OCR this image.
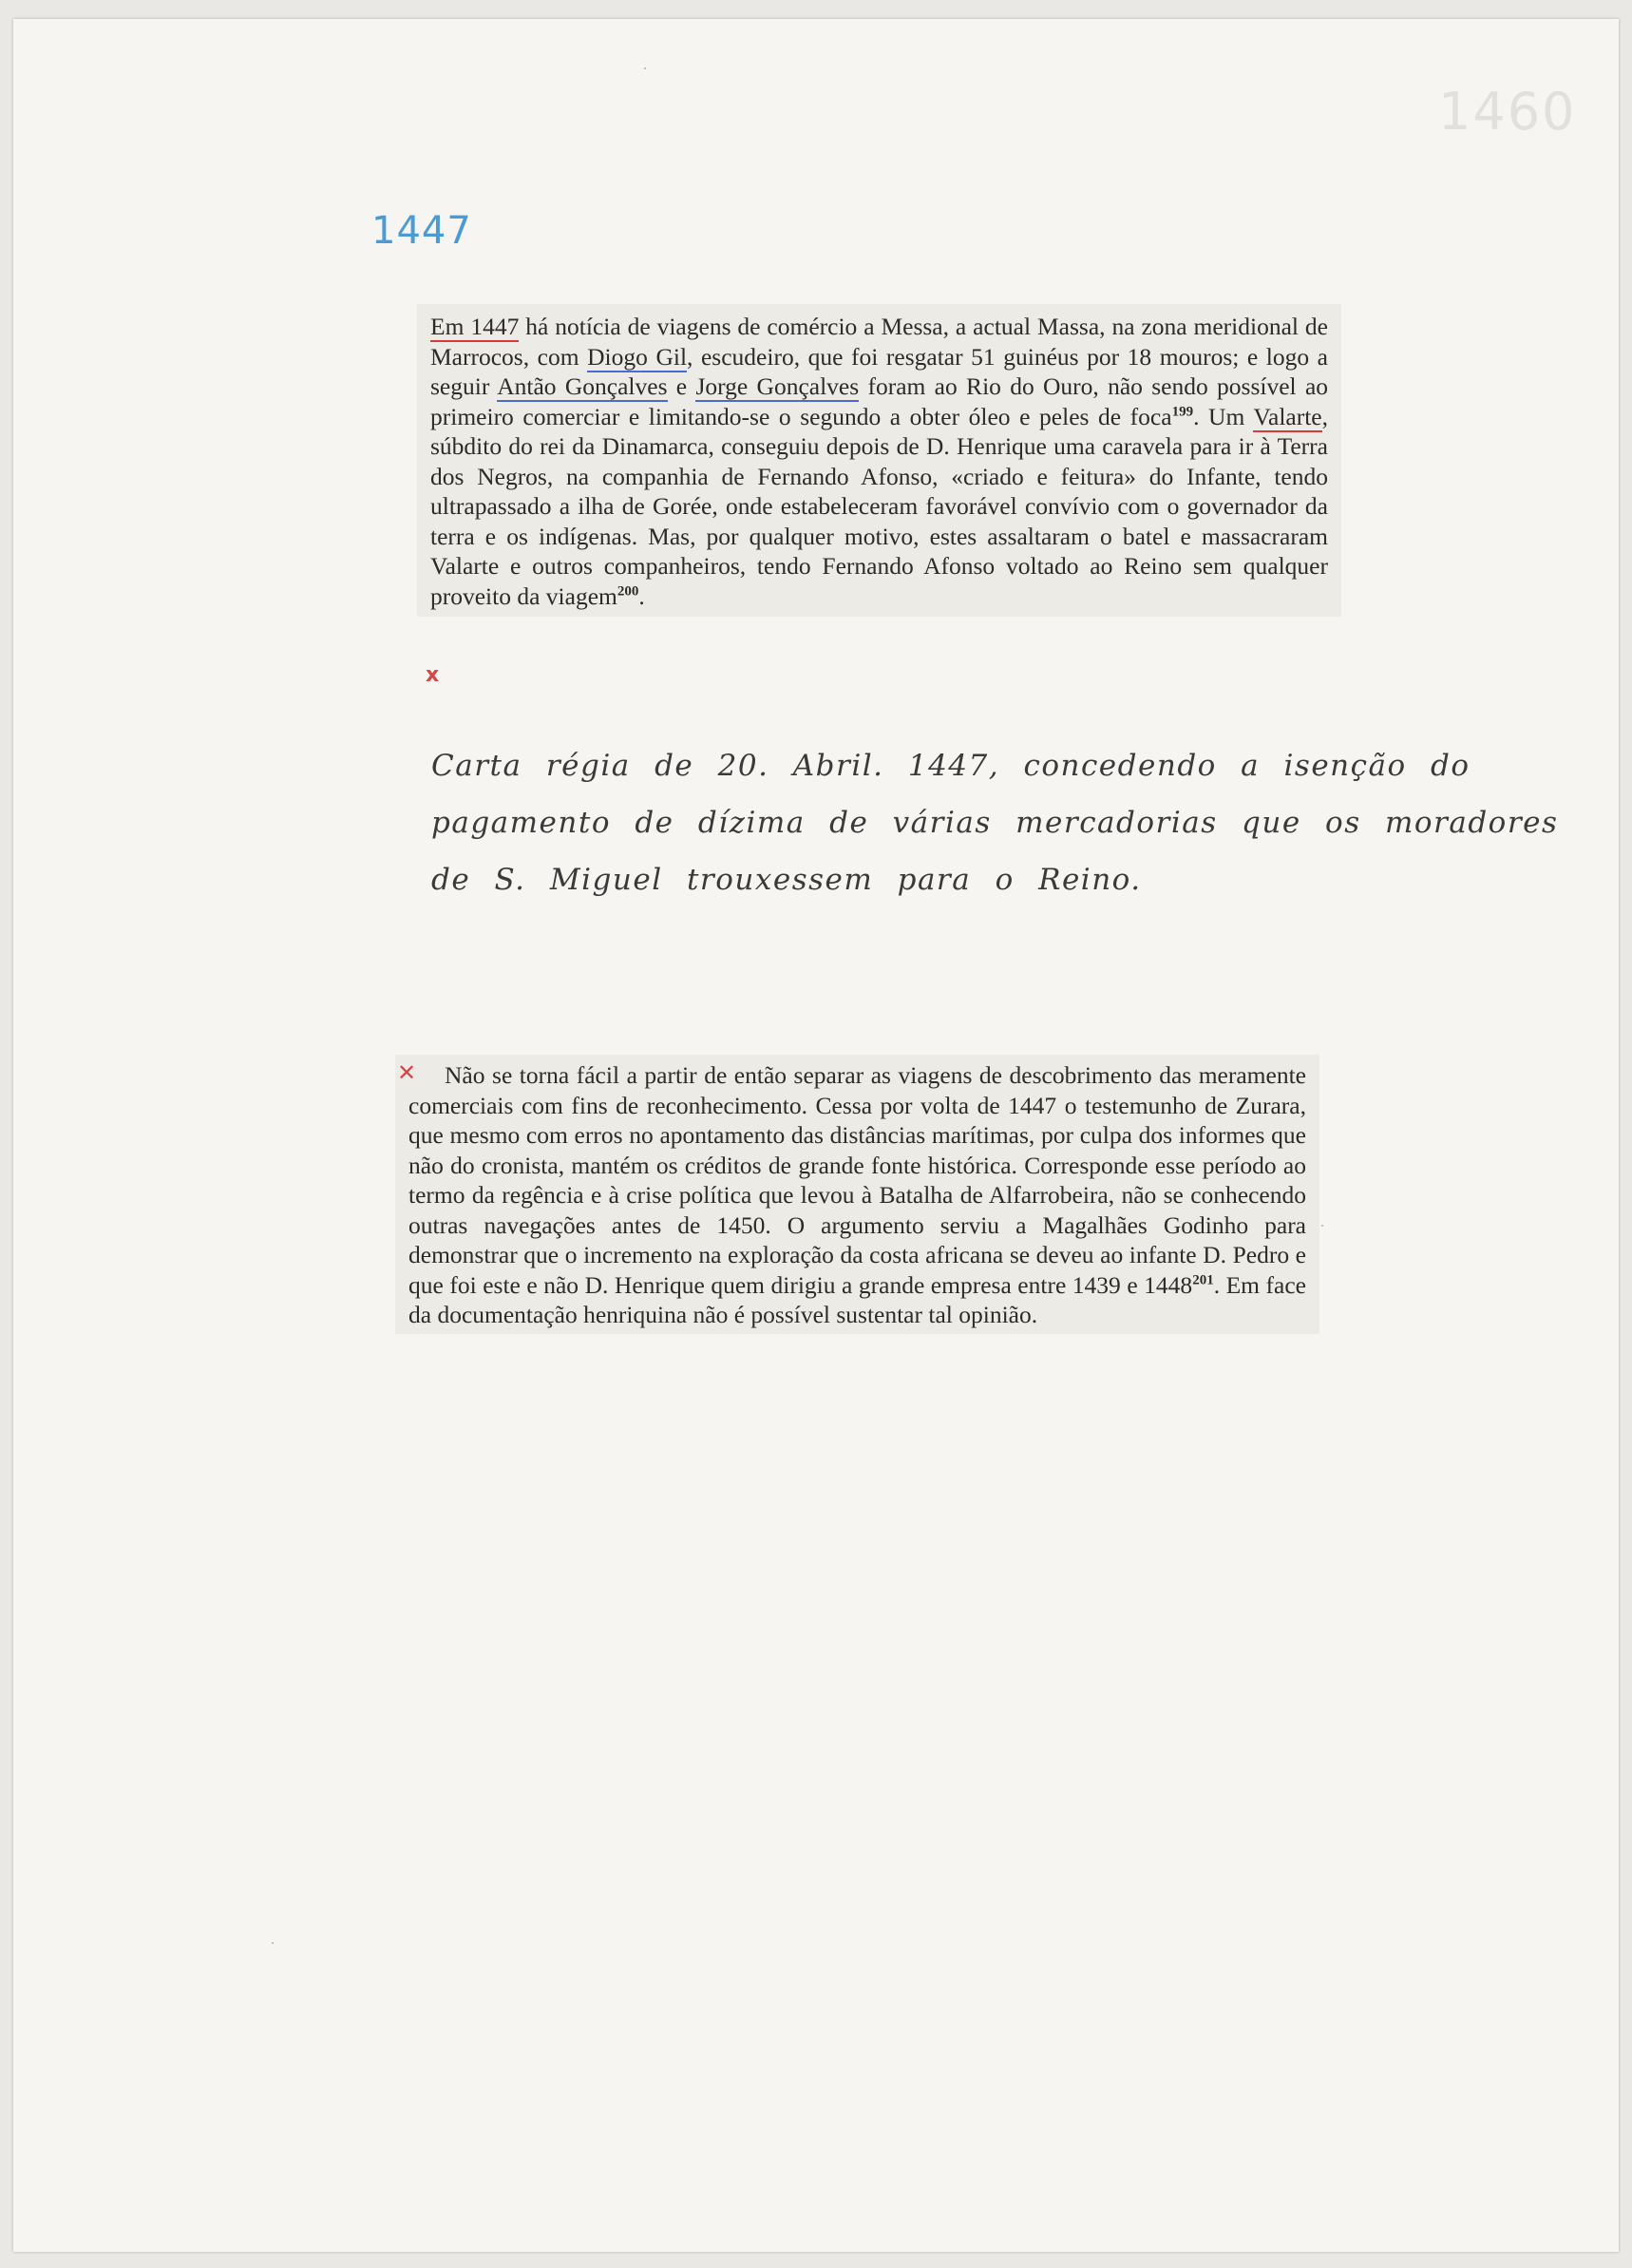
1460
1447

Em 1447 há notícia de viagens de comércio a Messa, a actual Massa, na zona meridional de Marrocos, com Diogo Gil, escudeiro, que foi resgatar 51 guinéus por 18 mouros; e logo a seguir Antão Gonçalves e Jorge Gonçalves foram ao Rio do Ouro, não sendo possível ao primeiro comerciar e limitando-se o segundo a obter óleo e peles de foca$^{199}$. Um Valarte, súbdito do rei da Dinamarca, conseguiu depois de D. Henrique uma caravela para ir à Terra dos Negros, na companhia de Fernando Afonso, «criado e feitura» do Infante, tendo ultrapassado a ilha de Gorée, onde estabeleceram favorável convívio com o governador da terra e os indígenas. Mas, por qualquer motivo, estes assaltaram o batel e massacraram Valarte e outros companheiros, tendo Fernando Afonso voltado ao Reino sem qualquer proveito da viagem$^{200}$.

x
Carta régia de 20. Abril. 1447, concedendo a isenção do
pagamento de dízima de várias mercadorias que os moradores
de S. Miguel trouxessem para o Reino.

Não se torna fácil a partir de então separar as viagens de descobrimento das meramente comerciais com fins de reconhecimento. Cessa por volta de 1447 o testemunho de Zurara, que mesmo com erros no apontamento das distâncias marítimas, por culpa dos informes que não do cronista, mantém os créditos de grande fonte histórica. Corresponde esse período ao termo da regência e à crise política que levou à Batalha de Alfarrobeira, não se conhecendo outras navegações antes de 1450. O argumento serviu a Magalhães Godinho para demonstrar que o incremento na exploração da costa africana se deveu ao infante D. Pedro e que foi este e não D. Henrique quem dirigiu a grande empresa entre 1439 e 1448$^{201}$. Em face da documentação henriquina não é possível sustentar tal opinião.

✕
·
·
·
